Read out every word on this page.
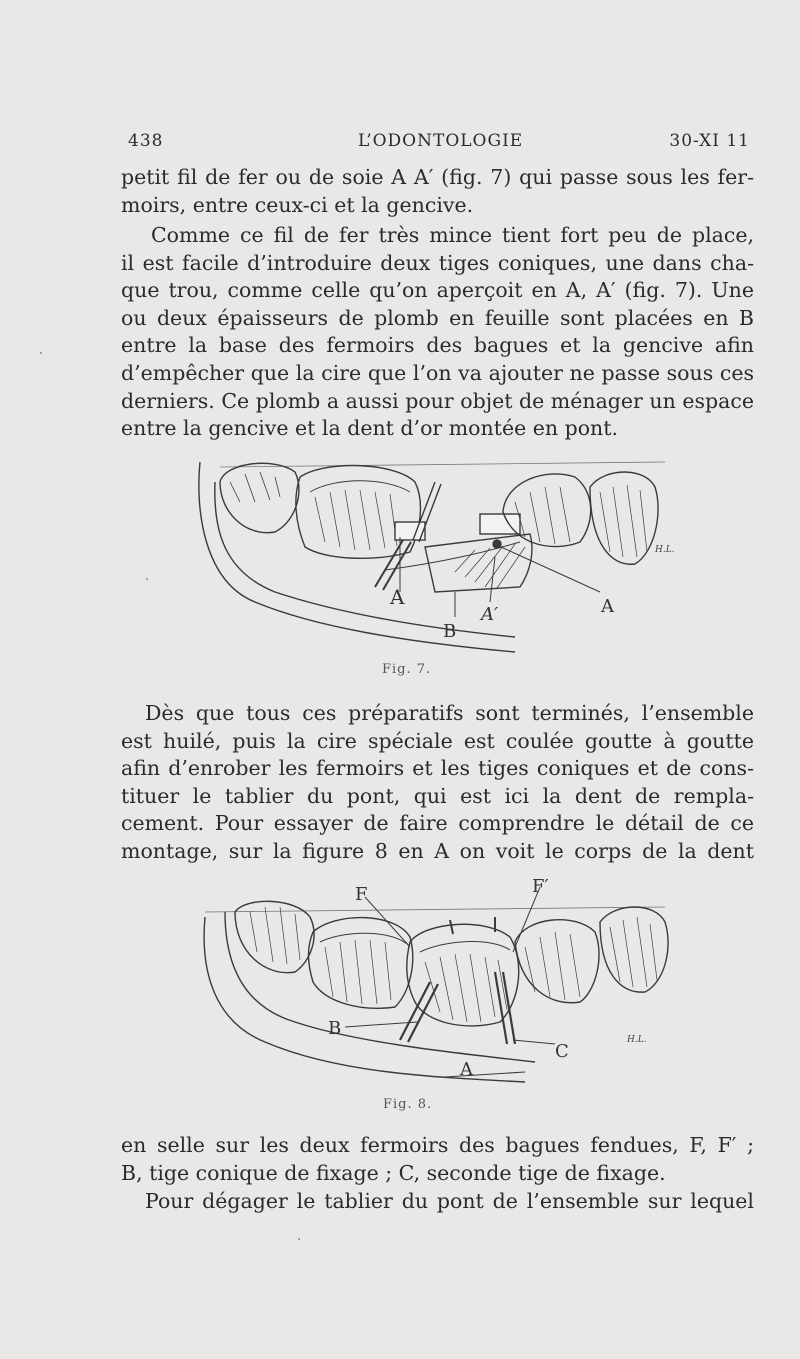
438	L’ODONTOLOGIE	30-XI 11
petit fil de fer ou de soie A A′ (fig. 7) qui passe sous les fer-
moirs, entre ceux-ci et la gencive.
Comme ce fil de fer très mince tient fort peu de place,
il est facile d’introduire deux tiges coniques, une dans cha-
que trou, comme celle qu’on aperçoit en A, A′ (fig. 7). Une
ou deux épaisseurs de plomb en feuille sont placées en B
entre la base des fermoirs des bagues et la gencive afin
d’empêcher que la cire que l’on va ajouter ne passe sous ces
derniers. Ce plomb a aussi pour objet de ménager un espace
entre la gencive et la dent d’or montée en pont.
A
B
A′	A
H.L.
Fig. 7.
Dès que tous ces préparatifs sont terminés, l’ensemble
est huilé, puis la cire spéciale est coulée goutte à goutte
afin d’enrober les fermoirs et les tiges coniques et de cons-
tituer le tablier du pont, qui est ici la dent de rempla-
cement. Pour essayer de faire comprendre le détail de ce
montage, sur la figure 8 en A on voit le corps de la dent
F	F′
B
C
A
H.L.
Fig. 8.
en selle sur les deux fermoirs des bagues fendues, F, F′ ;
B, tige conique de fixage ; C, seconde tige de fixage.
Pour dégager le tablier du pont de l’ensemble sur lequel
